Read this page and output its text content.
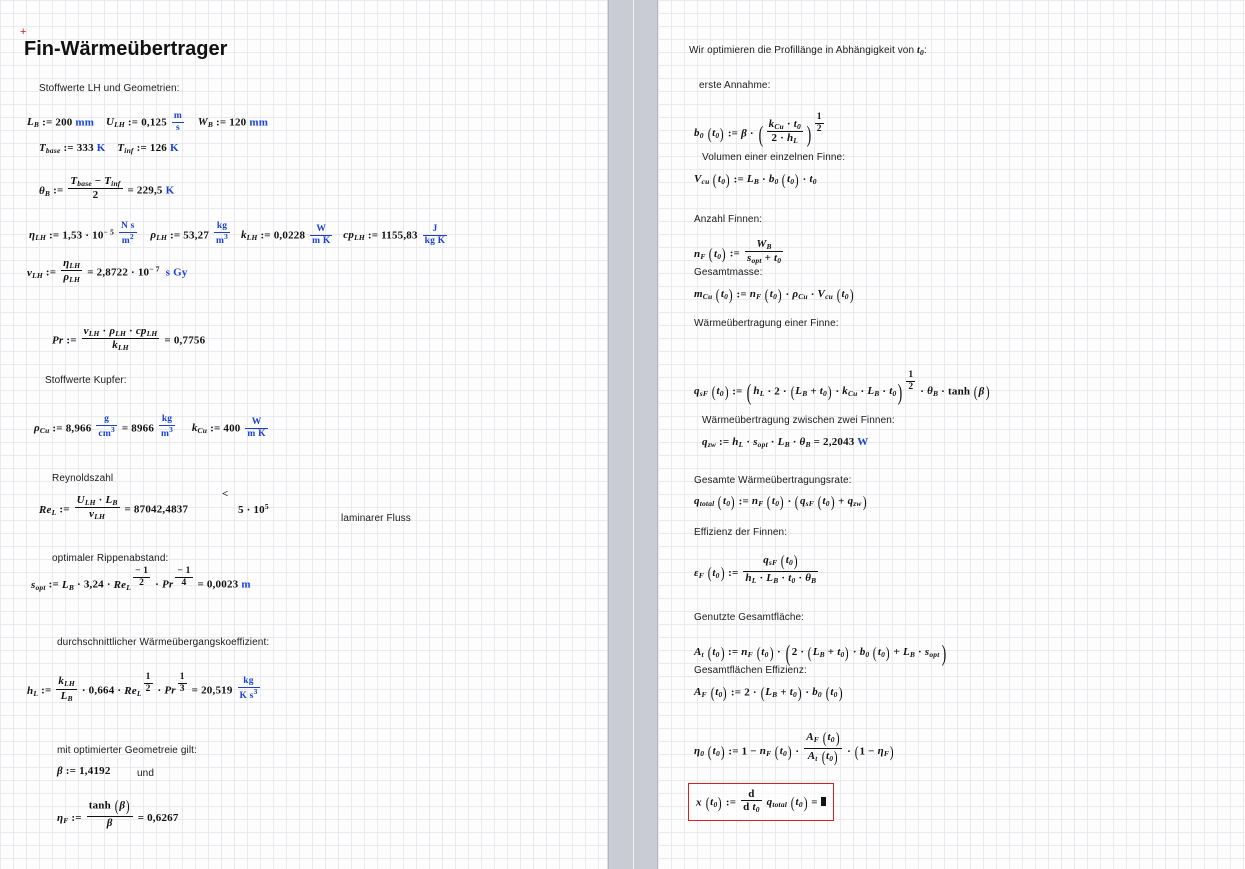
+
Fin-Wärmeübertrager
Stoffwerte LH und Geometrien:
$L_B$ := 200 mm $U_{LH}$ := $0,125 \frac{m}{s} W_B$ := 120 mm
$T_{base}$ := 333 K $T_{inf}$ := 126 K
$\theta_B$ := $\frac{T_{base} - T_{inf}}{2} = 229,5$ K
$\eta_{LH}$ := $1,53 \cdot 10^{- 5} \frac{\text{N s}}{m^2} \rho_{LH}$ := $53,27 \frac{kg}{m^3} k_{LH}$ := $0,0228 \frac{W}{\text{m K}} cp_{LH}$ := $1155,83 \frac{J}{\text{kg K}}$
$\nu_{LH}$ := $\frac{\eta_{LH}}{\rho_{LH}} = 2,8722 \cdot 10^{- 7}$ s Gy
Pr := $\frac{\nu_{LH} \cdot \rho_{LH} \cdot cp_{LH}}{k_{LH}} = 0,7756$
Stoffwerte Kupfer:
$\rho_{Cu}$ := $8,966 \frac{g}{cm^3} = 8966 \frac{kg}{m^3} k_{Cu}$ := $400 \frac{W}{\text{m K}}$
Reynoldszahl
$Re_L$ := $\frac{U_{LH} \cdot L_B}{\nu_{LH}} = 87042,4837$
<
$5 \cdot 10^5$
laminarer Fluss
optimaler Rippenabstand:
$s_{opt}$ := $L_B \cdot 3,24 \cdot Re_L$ $^{\frac{- 1}{2}}$ · Pr $^{\frac{- 1}{4}}$ = 0,0023 m
durchschnittlicher Wärmeübergangskoeffizient:
$h_L$ := $\frac{k_{LH}}{L_B} \cdot 0,664 \cdot Re_L$ $^{\frac{1}{2}}$ · Pr $^{\frac{1}{3}} = 20,519 \frac{kg}{K s^3}$
mit optimierter Geometreie gilt:
β := 1,4192	und
$\eta_F$ := $\frac{\tanh (\beta)}{\beta} = 0,6267$
Wir optimieren die Profillänge in Abhängigkeit von $t_0$:
erste Annahme:
$b_0$ $(t_0)$ := β · ( $\frac{k_{Cu} \cdot t_0}{2 \cdot h_L}$ ) $^{\frac{1}{2}}$
Volumen einer einzelnen Finne:
$V_{cu}$ $(t_0)$ := $L_B \cdot b_0$ $(t_0) \cdot t_0$
Anzahl Finnen:
$n_F$ $(t_0)$ := $\frac{W_B}{s_{opt} + t_0}$
Gesamtmasse:
$m_{Cu}$ $(t_0)$ := $n_F$ $(t_0) \cdot \rho_{Cu} \cdot V_{cu}$ $(t_0)$
Wärmeübertragung einer Finne:
$q_{sF}$ $(t_0)$ := ( $h_L \cdot 2 \cdot (L_B + t_0) \cdot k_{Cu} \cdot L_B \cdot t_0$) $^{\frac{1}{2}} \cdot \theta_B \cdot \tanh (\beta)$
Wärmeübertragung zwischen zwei Finnen:
$q_{zw}$ := $h_L \cdot s_{opt} \cdot L_B \cdot \theta_B = 2,2043$ W
Gesamte Wärmeübertragungsrate:
$q_{total}$ $(t_0)$ := $n_F$ $(t_0) \cdot (q_{sF}$ $(t_0) + q_{zw}$)
Effizienz der Finnen:
$\varepsilon_F$ $(t_0)$ := $\frac{q_{sF} (t_0)}{h_L \cdot L_B \cdot t_0 \cdot \theta_B}$
Genutzte Gesamtfläche:
$A_t$ $(t_0)$ := $n_F$ $(t_0)$ · ( $2 \cdot (L_B + t_0) \cdot b_0$ $(t_0) + L_B \cdot s_{opt}$)
Gesamtflächen Effizienz:
$A_F$ $(t_0)$ := $2 \cdot (L_B + t_0) \cdot b_0$ $(t_0)$
$\eta_0$ $(t_0)$ := $1 - n_F$ $(t_0) \cdot \frac{A_F (t_0)}{A_t (t_0)} \cdot (1 - \eta_F)$
x $(t_0)$ := $\frac{d}{d t_0} q_{total}$ $(t_0)$ =
